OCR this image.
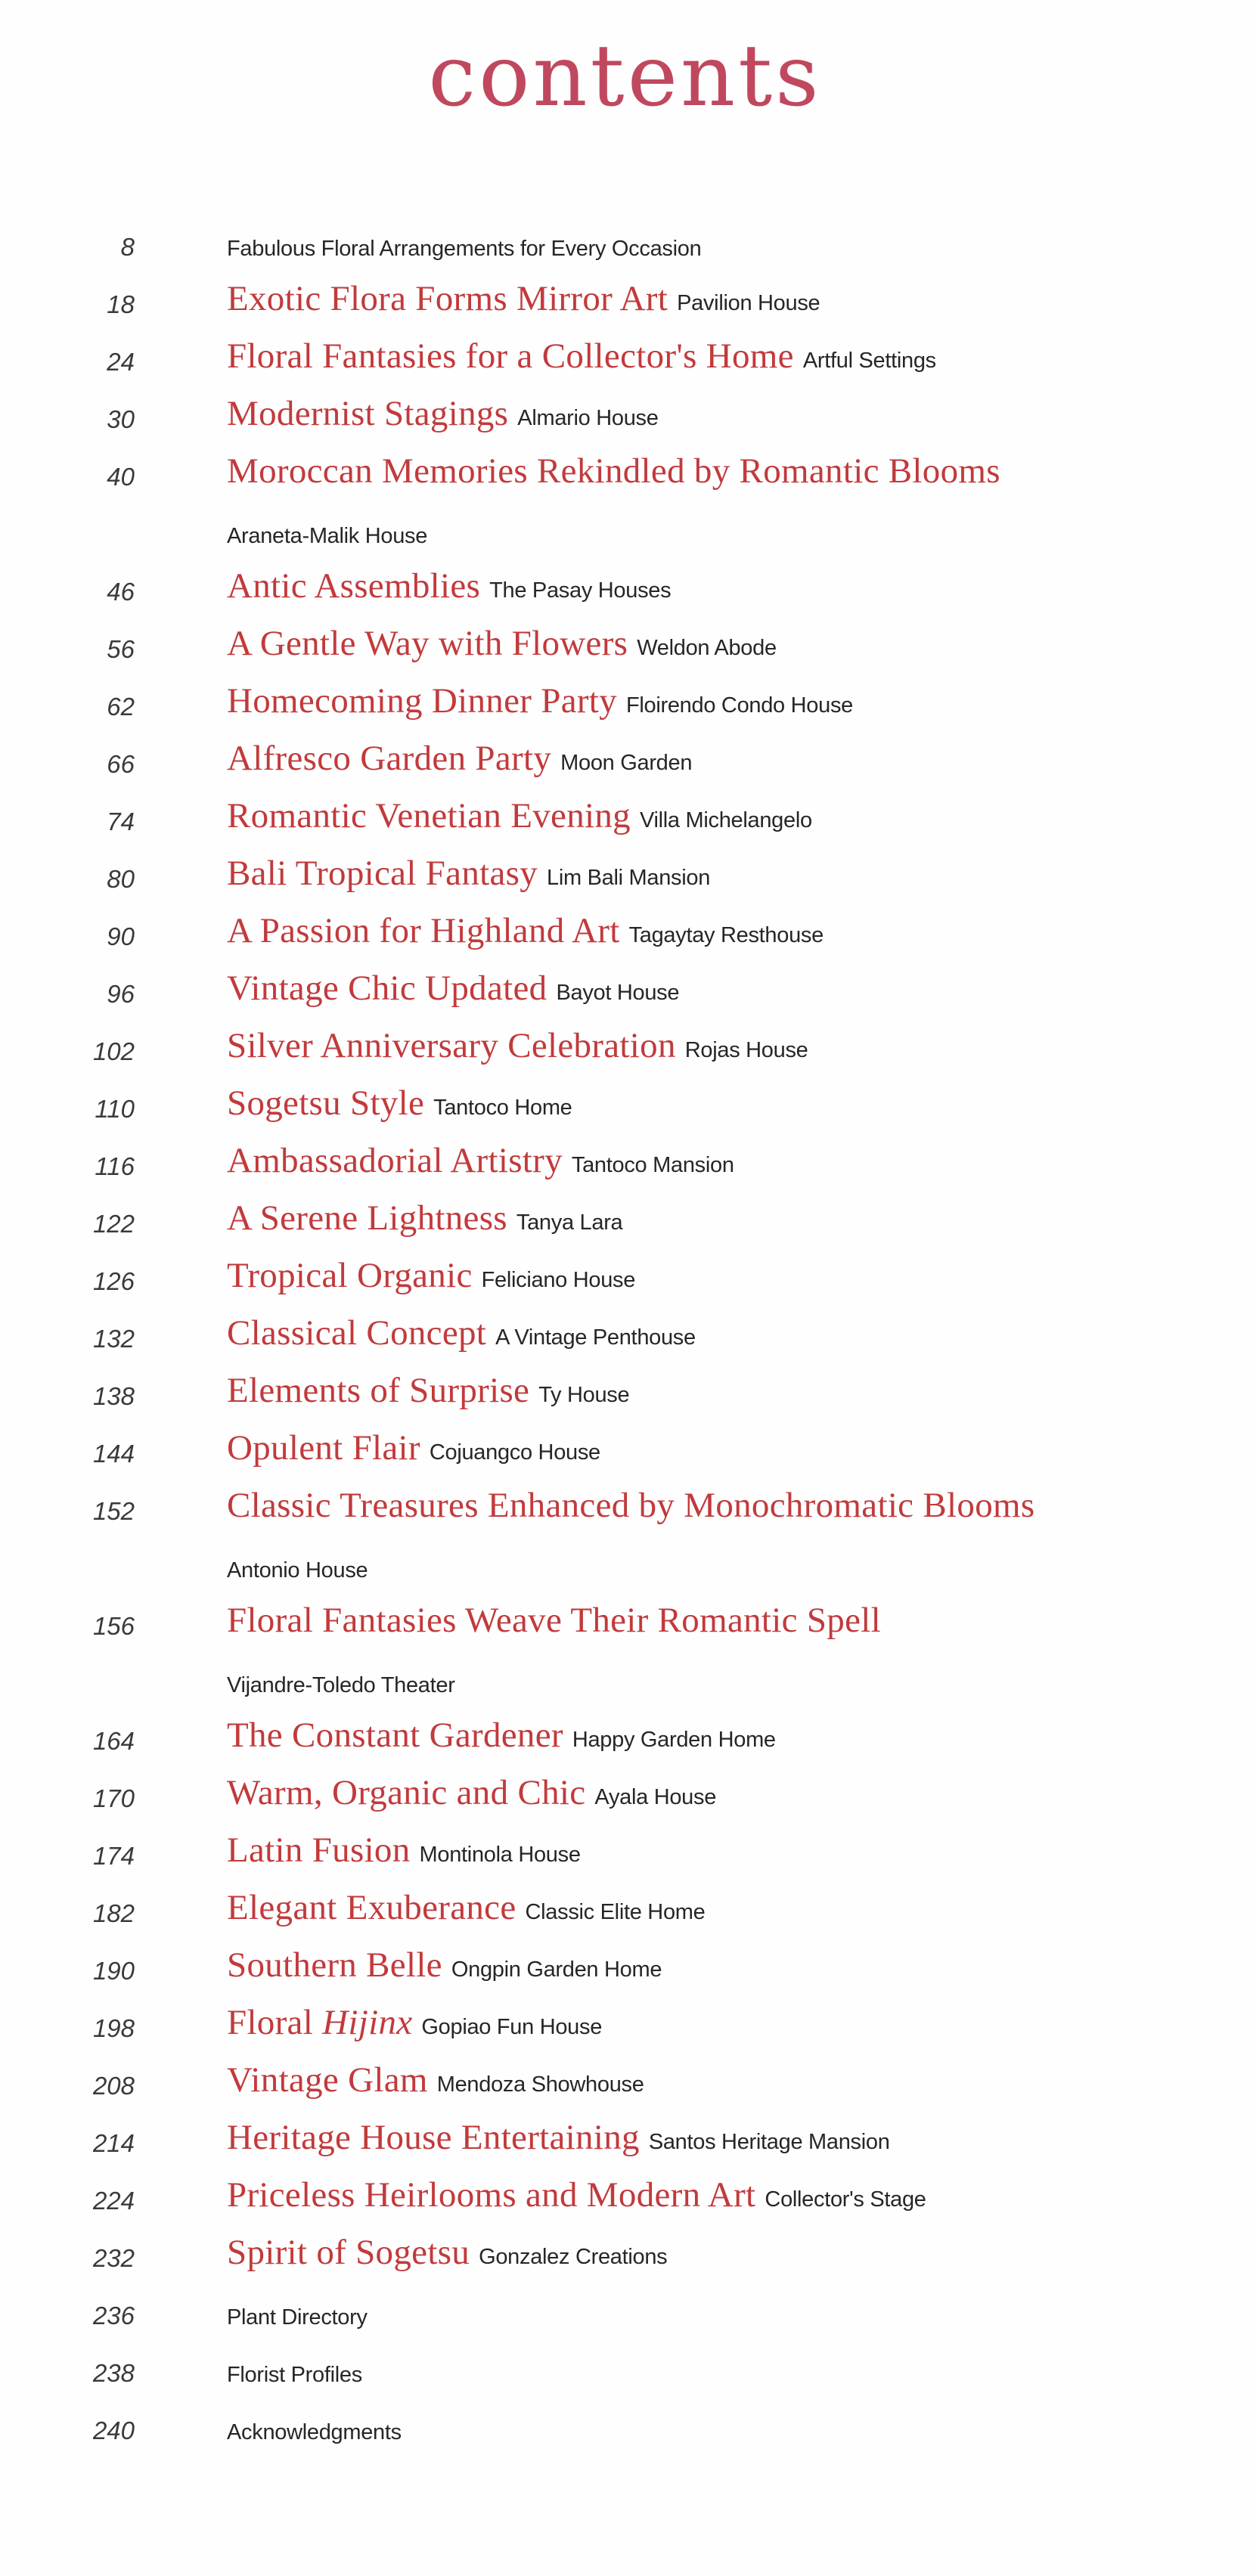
contents
8	Fabulous Floral Arrangements for Every Occasion
18	Exotic Flora Forms Mirror Art Pavilion House
24	Floral Fantasies for a Collector's Home Artful Settings
30	Modernist Stagings Almario House
40	Moroccan Memories Rekindled by Romantic Blooms
Araneta-Malik House
46	Antic Assemblies The Pasay Houses
56	A Gentle Way with Flowers Weldon Abode
62	Homecoming Dinner Party Floirendo Condo House
66	Alfresco Garden Party Moon Garden
74	Romantic Venetian Evening Villa Michelangelo
80	Bali Tropical Fantasy Lim Bali Mansion
90	A Passion for Highland Art Tagaytay Resthouse
96	Vintage Chic Updated Bayot House
102	Silver Anniversary Celebration Rojas House
110	Sogetsu Style Tantoco Home
116	Ambassadorial Artistry Tantoco Mansion
122	A Serene Lightness Tanya Lara
126	Tropical Organic Feliciano House
132	Classical Concept A Vintage Penthouse
138	Elements of Surprise Ty House
144	Opulent Flair Cojuangco House
152	Classic Treasures Enhanced by Monochromatic Blooms
Antonio House
156	Floral Fantasies Weave Their Romantic Spell
Vijandre-Toledo Theater
164	The Constant Gardener Happy Garden Home
170	Warm, Organic and Chic Ayala House
174	Latin Fusion Montinola House
182	Elegant Exuberance Classic Elite Home
190	Southern Belle Ongpin Garden Home
198	Floral Hijinx Gopiao Fun House
208	Vintage Glam Mendoza Showhouse
214	Heritage House Entertaining Santos Heritage Mansion
224	Priceless Heirlooms and Modern Art Collector's Stage
232	Spirit of Sogetsu Gonzalez Creations
236	Plant Directory
238	Florist Profiles
240	Acknowledgments
